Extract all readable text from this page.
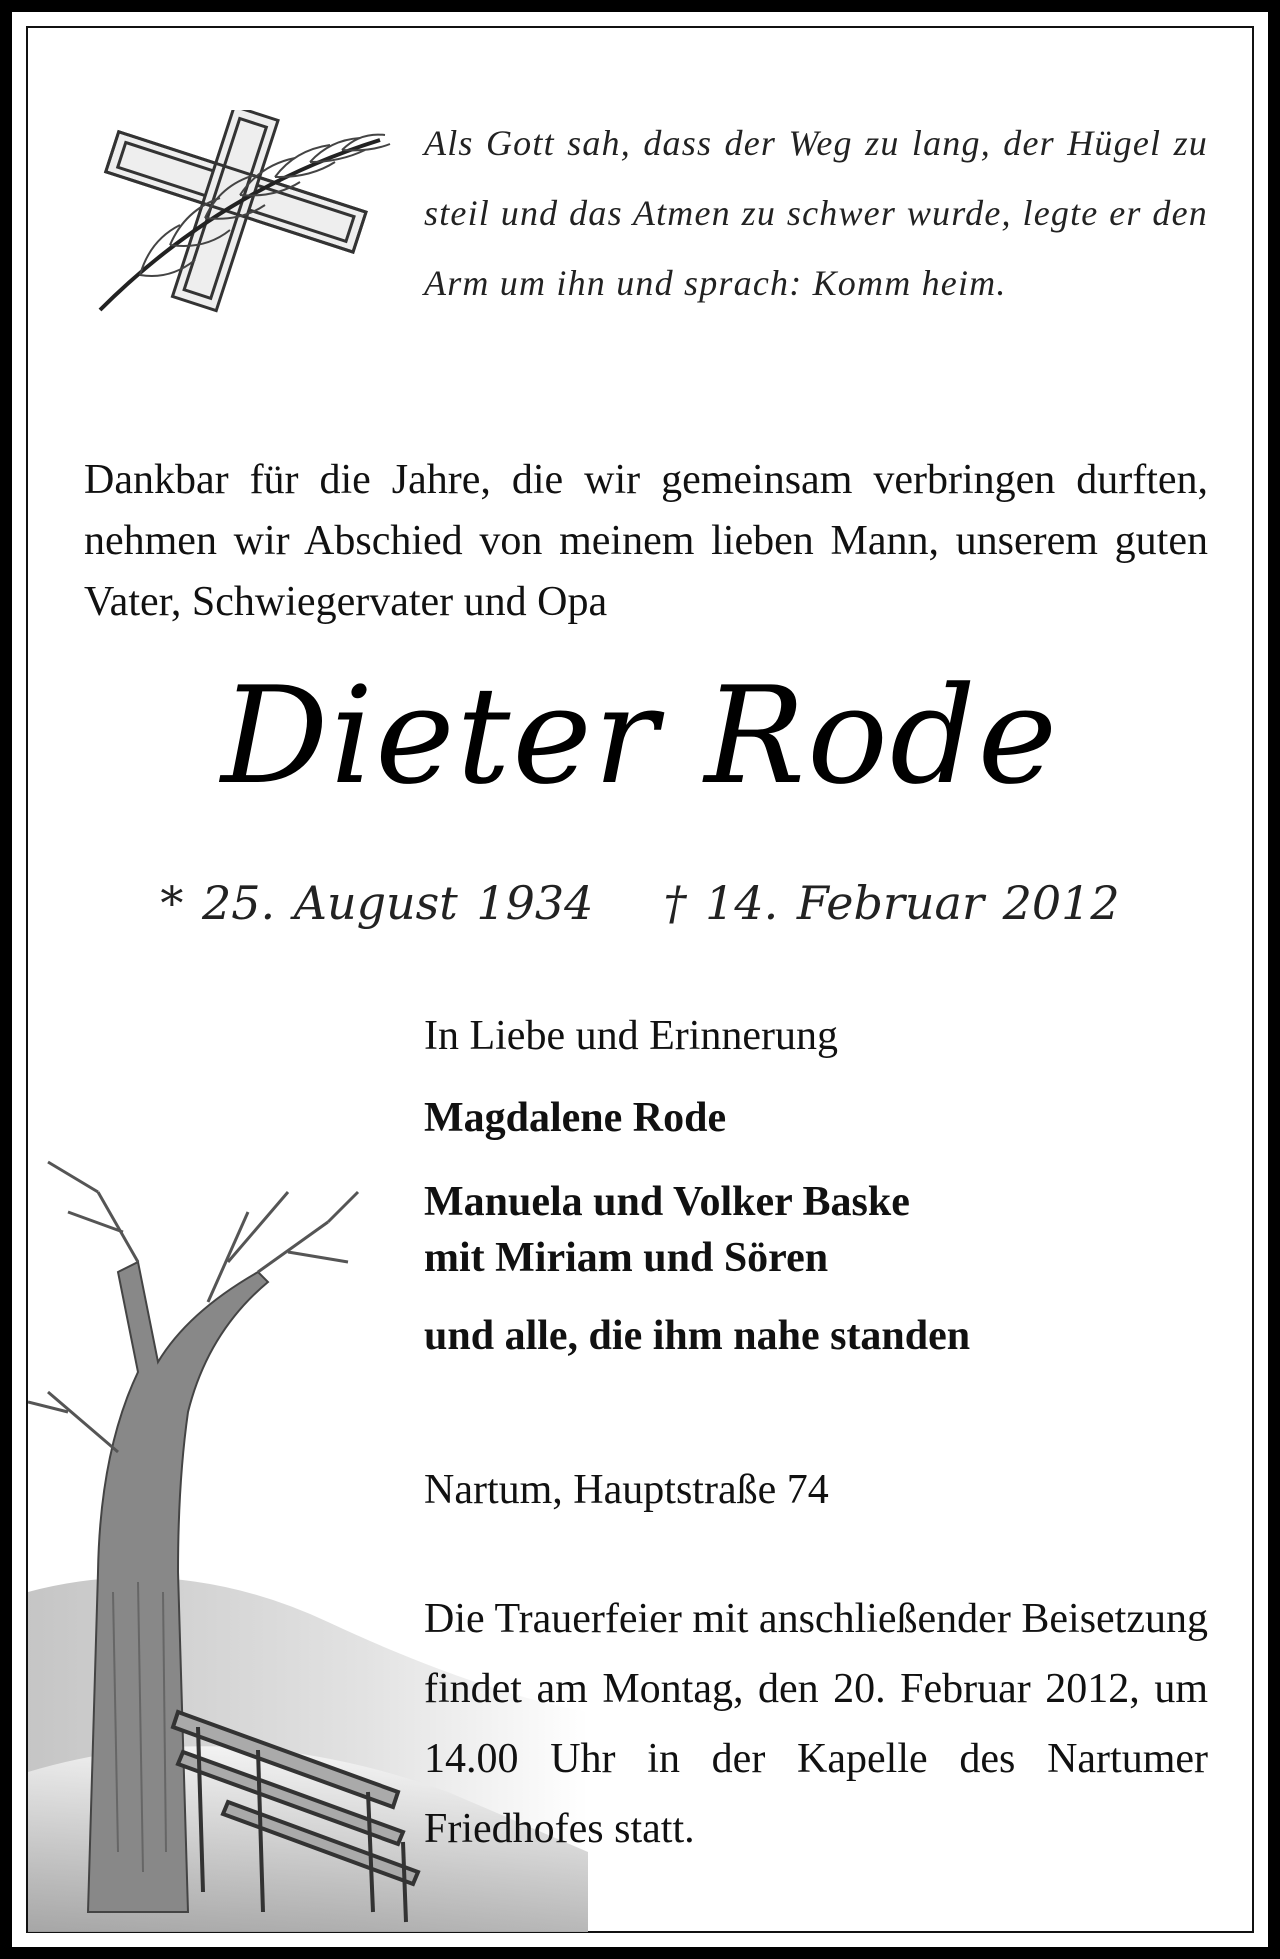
Als Gott sah, dass der Weg zu lang, der Hügel zu steil und das Atmen zu schwer wurde, legte er den Arm um ihn und sprach: Komm heim.
Dankbar für die Jahre, die wir gemeinsam verbringen durften, nehmen wir Abschied von meinem lieben Mann, unserem guten Vater, Schwiegervater und Opa
Dieter Rode
* 25. August 1934 † 14. Februar 2012
In Liebe und Erinnerung
Magdalene Rode
Manuela und Volker Baske
mit Miriam und Sören
und alle, die ihm nahe standen
Nartum, Hauptstraße 74
Die Trauerfeier mit anschließender Beisetzung findet am Montag, den 20. Februar 2012, um 14.00 Uhr in der Kapelle des Nartumer Friedhofes statt.
